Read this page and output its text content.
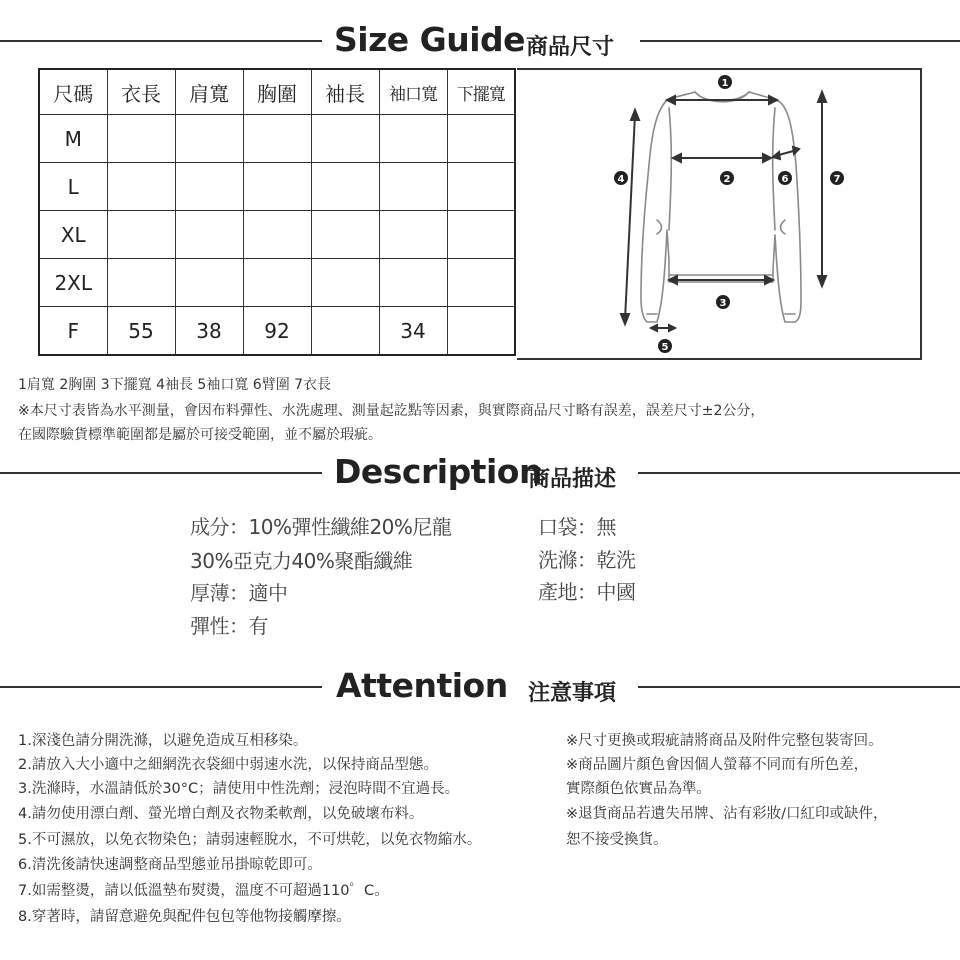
Size Guide 商品尺寸
尺碼	衣長	肩寬	胸圍	袖長	袖口寬	下擺寬
M						
L						
XL						
2XL						
F	55	38	92		34	
1
2
3
4
5
6	7
1肩寬 2胸圍 3下擺寬 4袖長 5袖口寬 6臂圍 7衣長
※本尺寸表皆為水平測量，會因布料彈性、水洗處理、測量起訖點等因素，與實際商品尺寸略有誤差，誤差尺寸±2公分，
在國際驗貨標準範圍都是屬於可接受範圍，並不屬於瑕疵。
Description
商品描述
成分：10%彈性纖維20%尼龍
30%亞克力40%聚酯纖維
厚薄：適中
彈性：有
口袋：無
洗滌：乾洗
產地：中國
Attention 注意事項
1.深淺色請分開洗滌，以避免造成互相移染。
2.請放入大小適中之細網洗衣袋細中弱速水洗，以保持商品型態。
3.洗滌時，水溫請低於30°C；請使用中性洗劑；浸泡時間不宜過長。
4.請勿使用漂白劑、螢光增白劑及衣物柔軟劑，以免破壞布料。
5.不可濕放，以免衣物染色；請弱速輕脫水，不可烘乾，以免衣物縮水。
6.清洗後請快速調整商品型態並吊掛晾乾即可。
7.如需整燙，請以低溫墊布熨燙，溫度不可超過110゜C。
8.穿著時，請留意避免與配件包包等他物接觸摩擦。
※尺寸更換或瑕疵請將商品及附件完整包裝寄回。
※商品圖片顏色會因個人螢幕不同而有所色差，
實際顏色依實品為準。
※退貨商品若遺失吊牌、沾有彩妝/口紅印或缺件，
恕不接受換貨。
